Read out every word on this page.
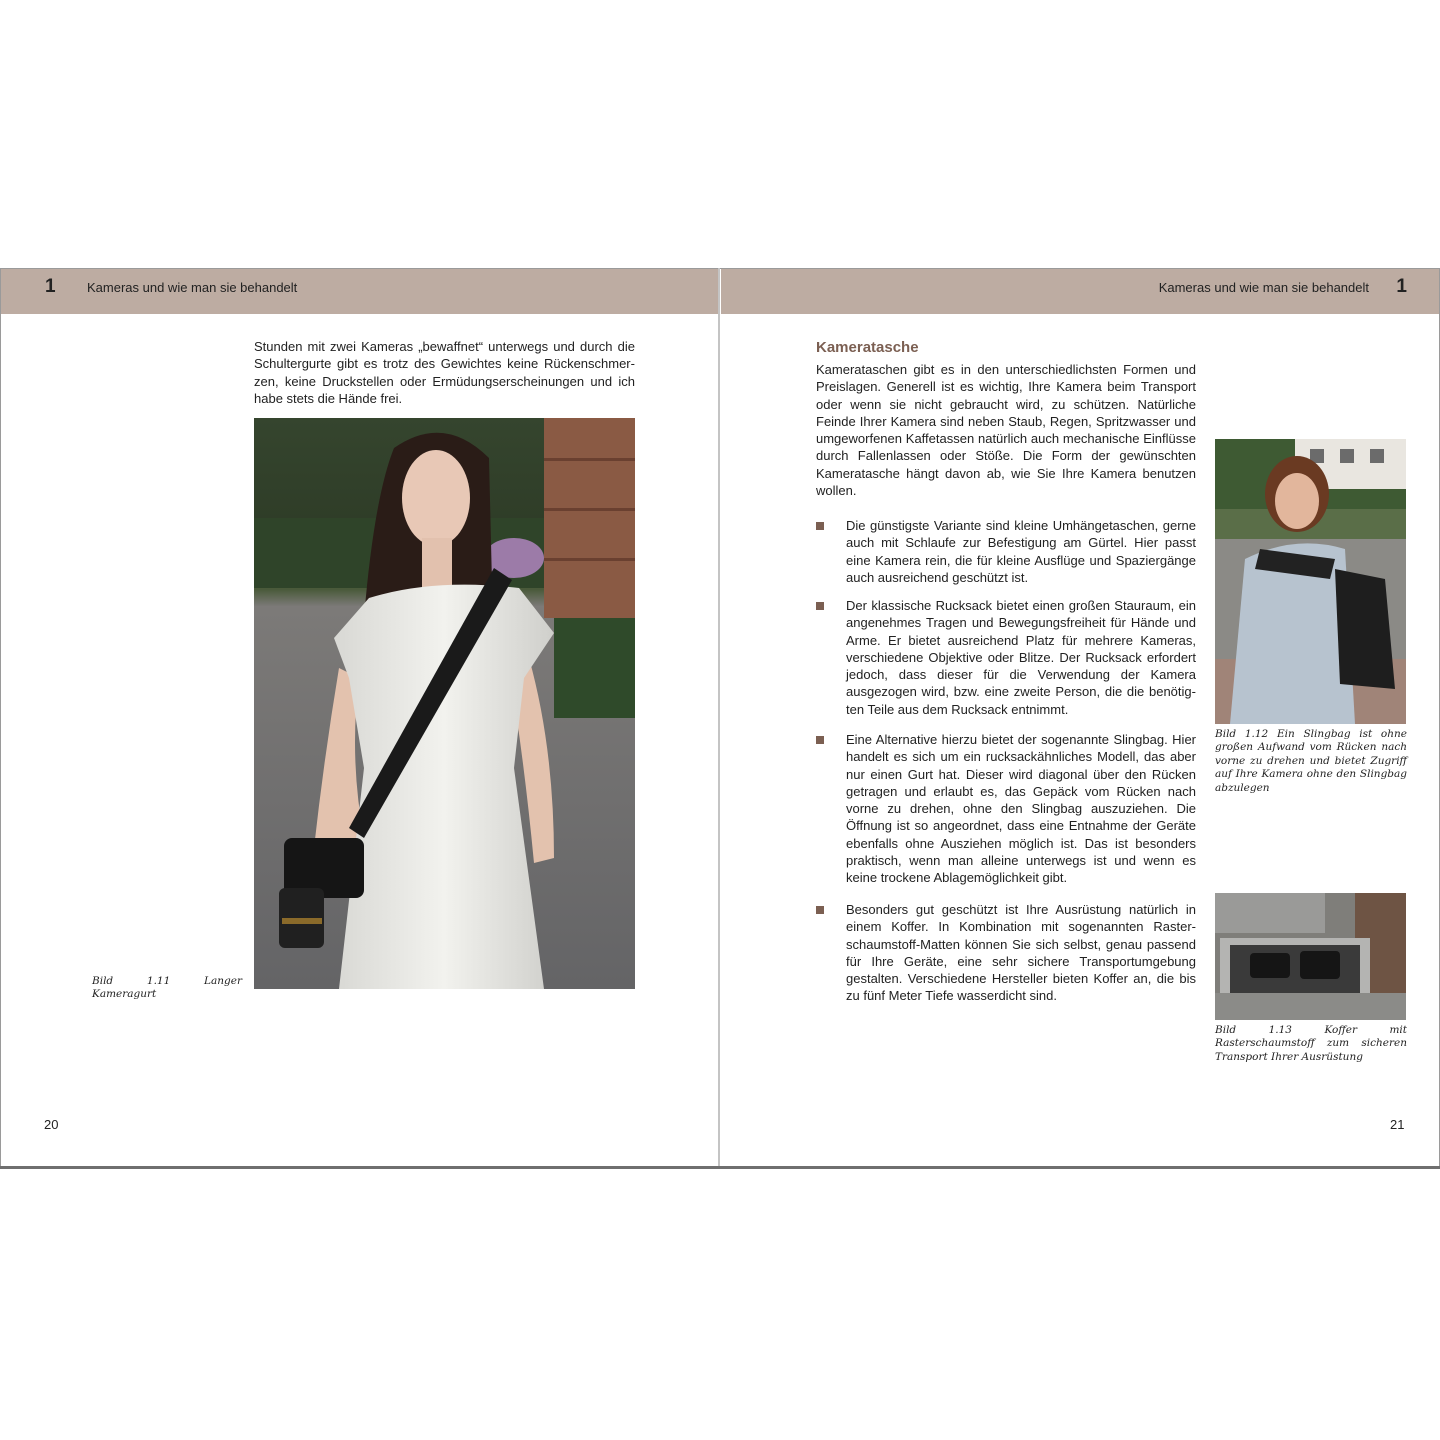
1 Kameras und wie man sie behandelt	Kameras und wie man sie behandelt 1
Stunden mit zwei Kameras „bewaffnet“ unterwegs und durch die Schultergurte gibt es trotz des Gewichtes keine Rückenschmerzen, keine Druckstellen oder Ermüdungserscheinungen und ich habe stets die Hände frei.
Bild 1.11 Langer Kameragurt
20
Kameratasche
Kamerataschen gibt es in den unterschiedlichsten Formen und Preislagen. Generell ist es wichtig, Ihre Kamera beim Transport oder wenn sie nicht gebraucht wird, zu schützen. Natürliche Feinde Ihrer Kamera sind neben Staub, Regen, Spritzwasser und umgeworfenen Kaffetassen natürlich auch mechanische Einflüsse durch Fallenlassen oder Stöße. Die Form der gewünschten Kameratasche hängt davon ab, wie Sie Ihre Kamera benutzen wollen.
Die günstigste Variante sind kleine Umhängetaschen, gerne auch mit Schlaufe zur Befestigung am Gürtel. Hier passt eine Kamera rein, die für kleine Ausflüge und Spaziergänge auch ausreichend geschützt ist.
Der klassische Rucksack bietet einen großen Stauraum, ein angenehmes Tragen und Bewegungsfreiheit für Hände und Arme. Er bietet ausreichend Platz für mehrere Kameras, verschiedene Objektive oder Blitze. Der Rucksack erfordert jedoch, dass dieser für die Verwendung der Kamera ausgezogen wird, bzw. eine zweite Person, die die benötigten Teile aus dem Rucksack entnimmt.
Eine Alternative hierzu bietet der sogenannte Slingbag. Hier handelt es sich um ein rucksackähnliches Modell, das aber nur einen Gurt hat. Dieser wird diagonal über den Rücken getragen und erlaubt es, das Gepäck vom Rücken nach vorne zu drehen, ohne den Slingbag auszuziehen. Die Öffnung ist so angeordnet, dass eine Entnahme der Geräte ebenfalls ohne Ausziehen möglich ist. Das ist besonders praktisch, wenn man alleine unterwegs ist und wenn es keine trockene Ablagemöglichkeit gibt.
Besonders gut geschützt ist Ihre Ausrüstung natürlich in einem Koffer. In Kombination mit sogenannten Rasterschaumstoff-Matten können Sie sich selbst, genau passend für Ihre Geräte, eine sehr sichere Transportumgebung gestalten. Verschiedene Hersteller bieten Koffer an, die bis zu fünf Meter Tiefe wasserdicht sind.
Bild 1.12 Ein Slingbag ist ohne großen Aufwand vom Rücken nach vorne zu drehen und bietet Zugriff auf Ihre Kamera ohne den Slingbag abzulegen
Bild 1.13 Koffer mit Rasterschaumstoff zum sicheren Transport Ihrer Ausrüstung
21
